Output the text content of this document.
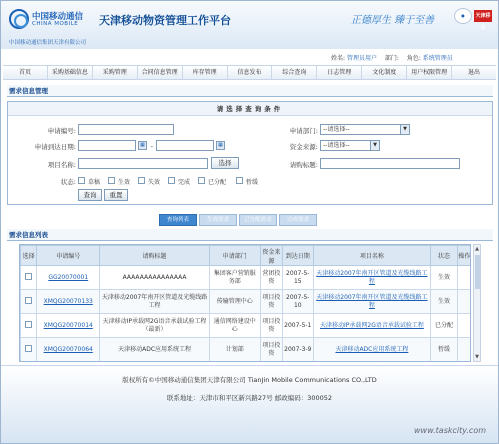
中国移动通信
CHINA MOBILE
中国移动通信集团天津有限公司
天津移动物资管理工作平台	正德厚生 臻于至善	●	天津移动
姓名: 管理员用户 部门: 角色: 系统管理员
首页	采购基础信息	采购管理	合同信息管理	库存管理	信息发布	综合查询	日志管理	文化制度	用户权限管理	退出
需求信息管理
请选择查询条件
申请编号:
申请到达日期:	▦ -	▦
项目名称:	选择
状态: 草稿	生效	失效	完成	已分配	暂缓
查询	重置
申请部门: --请选择--	▼
资金来源: --请选择--	▼
请购标题:
查询列表	生效需求	已分配需求	完成需求
需求信息列表
选择	申请编号	请购标题	申请部门	资金来源	到达日期	项目名称	状态	操作
	GG20070001	AAAAAAAAAAAAAAA	集团客户营销服务部	营团投资	2007-5-15	天津移动2007年南开区管道及光缆线路工程	生效	
	XMQG20070133	天津移动2007年南开区管道及光缆线路工程	传输管理中心	项目投资	2007-5-10	天津移动2007年南开区管道及光缆线路工程	生效	
	XMQG20070014	天津移动IP承载网2G语音承载试验工程（最新）	通信网络建设中心	项目投资	2007-5-1	天津移动IP承载网2G语音承载试验工程	已分配	
	XMQG20070064	天津移动ADC应用系统工程	计划部	项目投资	2007-3-9	天津移动ADC应用系统工程	暂缓	

▲
▼
版权所有©中国移动通信集团天津有限公司 TianJin Mobile Communications CO.,LTD
联系地址：天津市和平区新兴路27号 邮政编码：300052
www.taskcity.com
